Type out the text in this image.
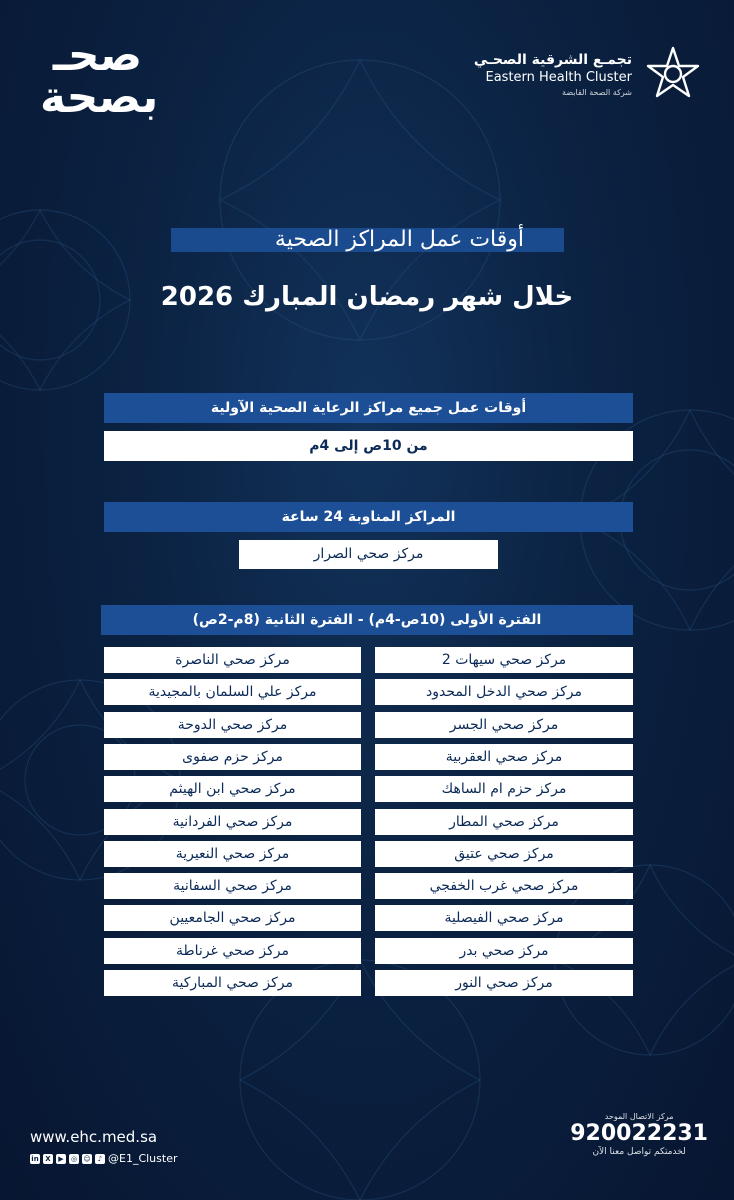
صحـ
بصحة
تجمـع الشرقية الصحـي
Eastern Health Cluster
شركة الصحة القابضة
أوقات عمل المراكز الصحية
خلال شهر رمضان المبارك 2026
أوقات عمل جميع مراكز الرعاية الصحية الآولية
من 10ص إلى 4م
المراكز المناوبة 24 ساعة
مركز صحي الصرار
الفترة الأولى (10ص-4م) - الفترة الثانية (8م-2ص)
مركز صحي سيهات 2
مركز صحي الدخل المحدود
مركز صحي الجسر
مركز صحي العقربية
مركز حزم ام الساهك
مركز صحي المطار
مركز صحي عتيق
مركز صحي غرب الخفجي
مركز صحي الفيصلية
مركز صحي بدر
مركز صحي النور
مركز صحي الناصرة
مركز علي السلمان بالمجيدية
مركز صحي الدوحة
مركز حزم صفوى
مركز صحي ابن الهيثم
مركز صحي الفردانية
مركز صحي النعيرية
مركز صحي السفانية
مركز صحي الجامعيين
مركز صحي غرناطة
مركز صحي المباركية
www.ehc.med.sa
in X	▶	◎ ☺	♪ @E1_Cluster
مركز الاتصال الموحد
920022231
لخدمتكم تواصل معنا الآن
